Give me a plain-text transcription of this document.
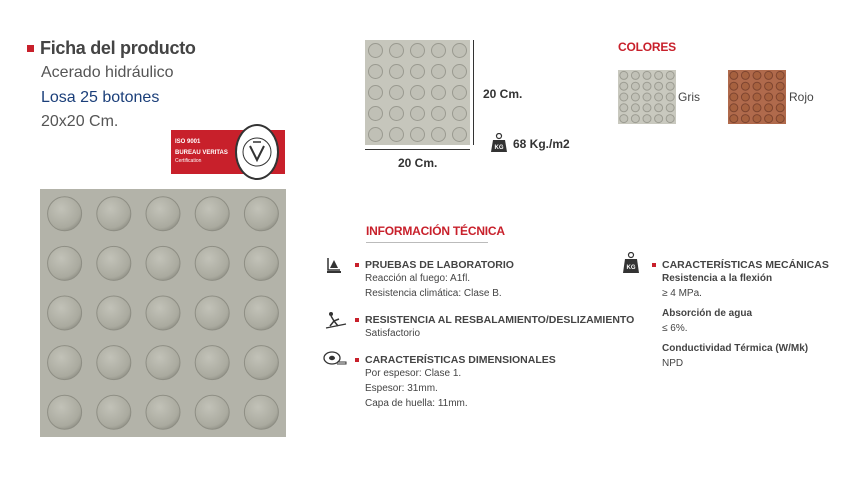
Ficha del producto
Acerado hidráulico
Losa 25 botones
20x20 Cm.
ISO 9001
BUREAU VERITAS
Certification
20 Cm.
20 Cm.
KG 68 Kg./m2
COLORES
Gris	Rojo
INFORMACIÓN TÉCNICA
PRUEBAS DE LABORATORIO
Reacción al fuego: A1fl.
Resistencia climática: Clase B.
RESISTENCIA AL RESBALAMIENTO/DESLIZAMIENTO
Satisfactorio
CARACTERÍSTICAS DIMENSIONALES
Por espesor: Clase 1.
Espesor: 31mm.
Capa de huella: 11mm.
KG	CARACTERÍSTICAS MECÁNICAS
Resistencia a la flexión
≥ 4 MPa.
Absorción de agua
≤ 6%.
Conductividad Térmica (W/Mk)
NPD
